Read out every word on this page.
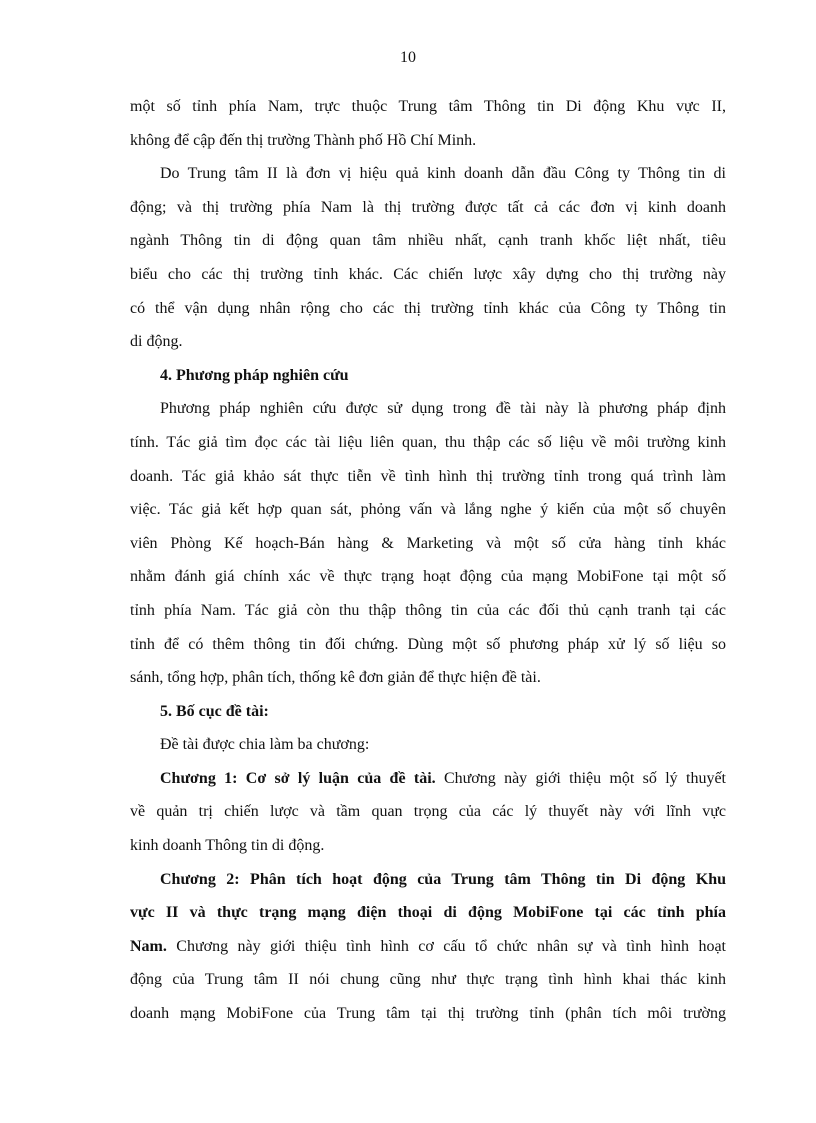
10
một số tỉnh phía Nam, trực thuộc Trung tâm Thông tin Di động Khu vực II,
không để cập đến thị trường Thành phố Hồ Chí Minh.
Do Trung tâm II là đơn vị hiệu quả kinh doanh dẫn đầu Công ty Thông tin di
động; và thị trường phía Nam là thị trường được tất cả các đơn vị kinh doanh
ngành Thông tin di động quan tâm nhiều nhất, cạnh tranh khốc liệt nhất, tiêu
biểu cho các thị trường tỉnh khác. Các chiến lược xây dựng cho thị trường này
có thể vận dụng nhân rộng cho các thị trường tỉnh khác của Công ty Thông tin
di động.
4. Phương pháp nghiên cứu
Phương pháp nghiên cứu được sử dụng trong đề tài này là phương pháp định
tính. Tác giả tìm đọc các tài liệu liên quan, thu thập các số liệu về môi trường kinh
doanh. Tác giả khảo sát thực tiễn về tình hình thị trường tỉnh trong quá trình làm
việc. Tác giả kết hợp quan sát, phỏng vấn và lắng nghe ý kiến của một số chuyên
viên Phòng Kế hoạch-Bán hàng & Marketing và một số cửa hàng tỉnh khác
nhằm đánh giá chính xác về thực trạng hoạt động của mạng MobiFone tại một số
tỉnh phía Nam. Tác giả còn thu thập thông tin của các đối thủ cạnh tranh tại các
tỉnh để có thêm thông tin đối chứng. Dùng một số phương pháp xử lý số liệu so
sánh, tổng hợp, phân tích, thống kê đơn giản để thực hiện đề tài.
5. Bố cục đề tài:
Đề tài được chia làm ba chương:
Chương 1: Cơ sở lý luận của đề tài. Chương này giới thiệu một số lý thuyết
về quản trị chiến lược và tầm quan trọng của các lý thuyết này với lĩnh vực
kinh doanh Thông tin di động.
Chương 2: Phân tích hoạt động của Trung tâm Thông tin Di động Khu
vực II và thực trạng mạng điện thoại di động MobiFone tại các tỉnh phía
Nam. Chương này giới thiệu tình hình cơ cấu tổ chức nhân sự và tình hình hoạt
động của Trung tâm II nói chung cũng như thực trạng tình hình khai thác kinh
doanh mạng MobiFone của Trung tâm tại thị trường tỉnh (phân tích môi trường
